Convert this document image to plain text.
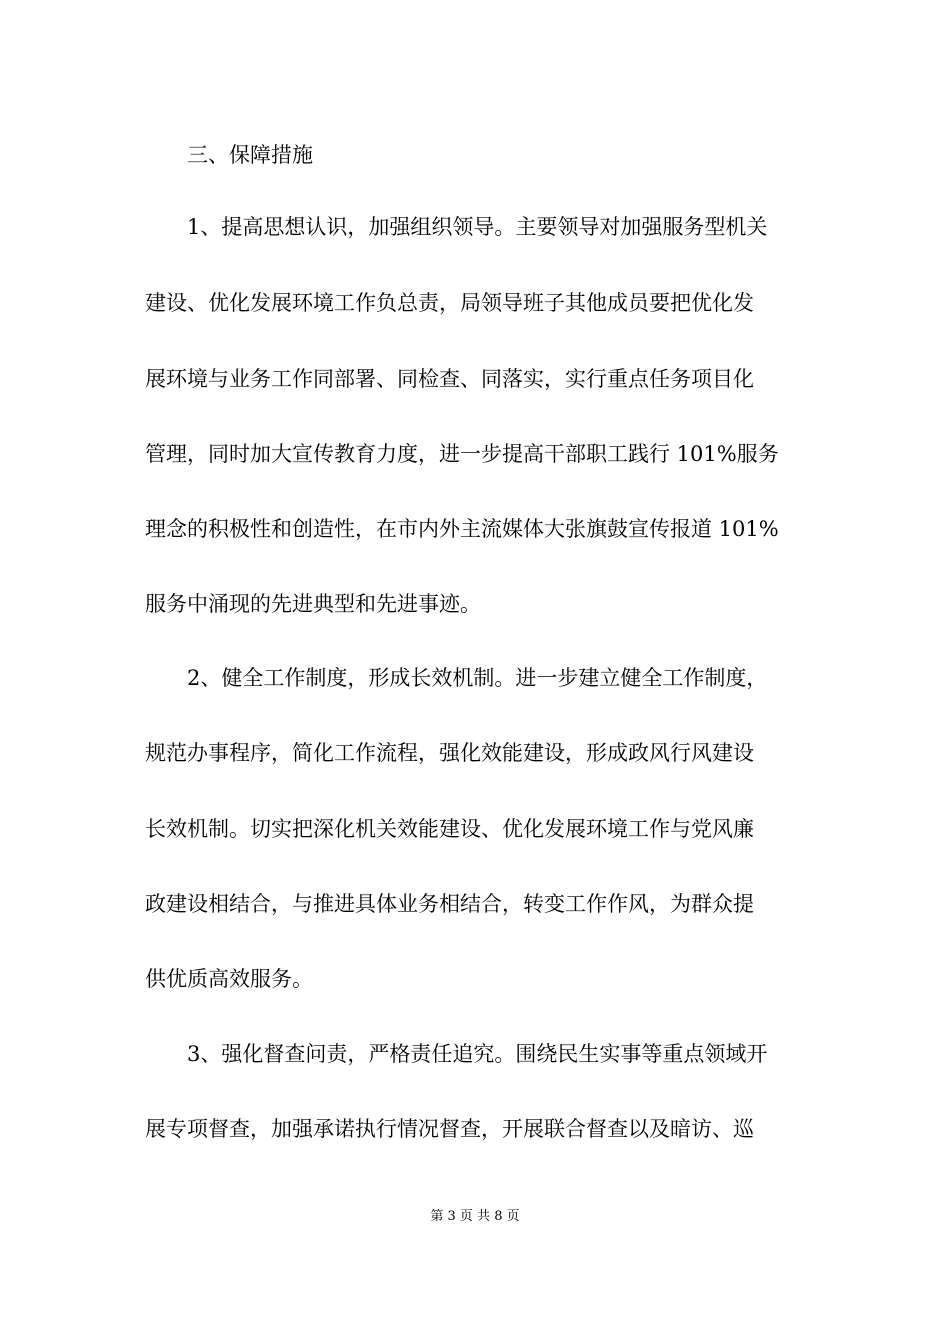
　　三、保障措施
　　1、提高思想认识，加强组织领导。主要领导对加强服务型机关
建设、优化发展环境工作负总责，局领导班子其他成员要把优化发
展环境与业务工作同部署、同检查、同落实，实行重点任务项目化
管理，同时加大宣传教育力度，进一步提高干部职工践行 101%服务
理念的积极性和创造性，在市内外主流媒体大张旗鼓宣传报道 101%
服务中涌现的先进典型和先进事迹。
　　2、健全工作制度，形成长效机制。进一步建立健全工作制度，
规范办事程序，简化工作流程，强化效能建设，形成政风行风建设
长效机制。切实把深化机关效能建设、优化发展环境工作与党风廉
政建设相结合，与推进具体业务相结合，转变工作作风，为群众提
供优质高效服务。
　　3、强化督查问责，严格责任追究。围绕民生实事等重点领域开
展专项督查，加强承诺执行情况督查，开展联合督查以及暗访、巡
第 3 页 共 8 页
